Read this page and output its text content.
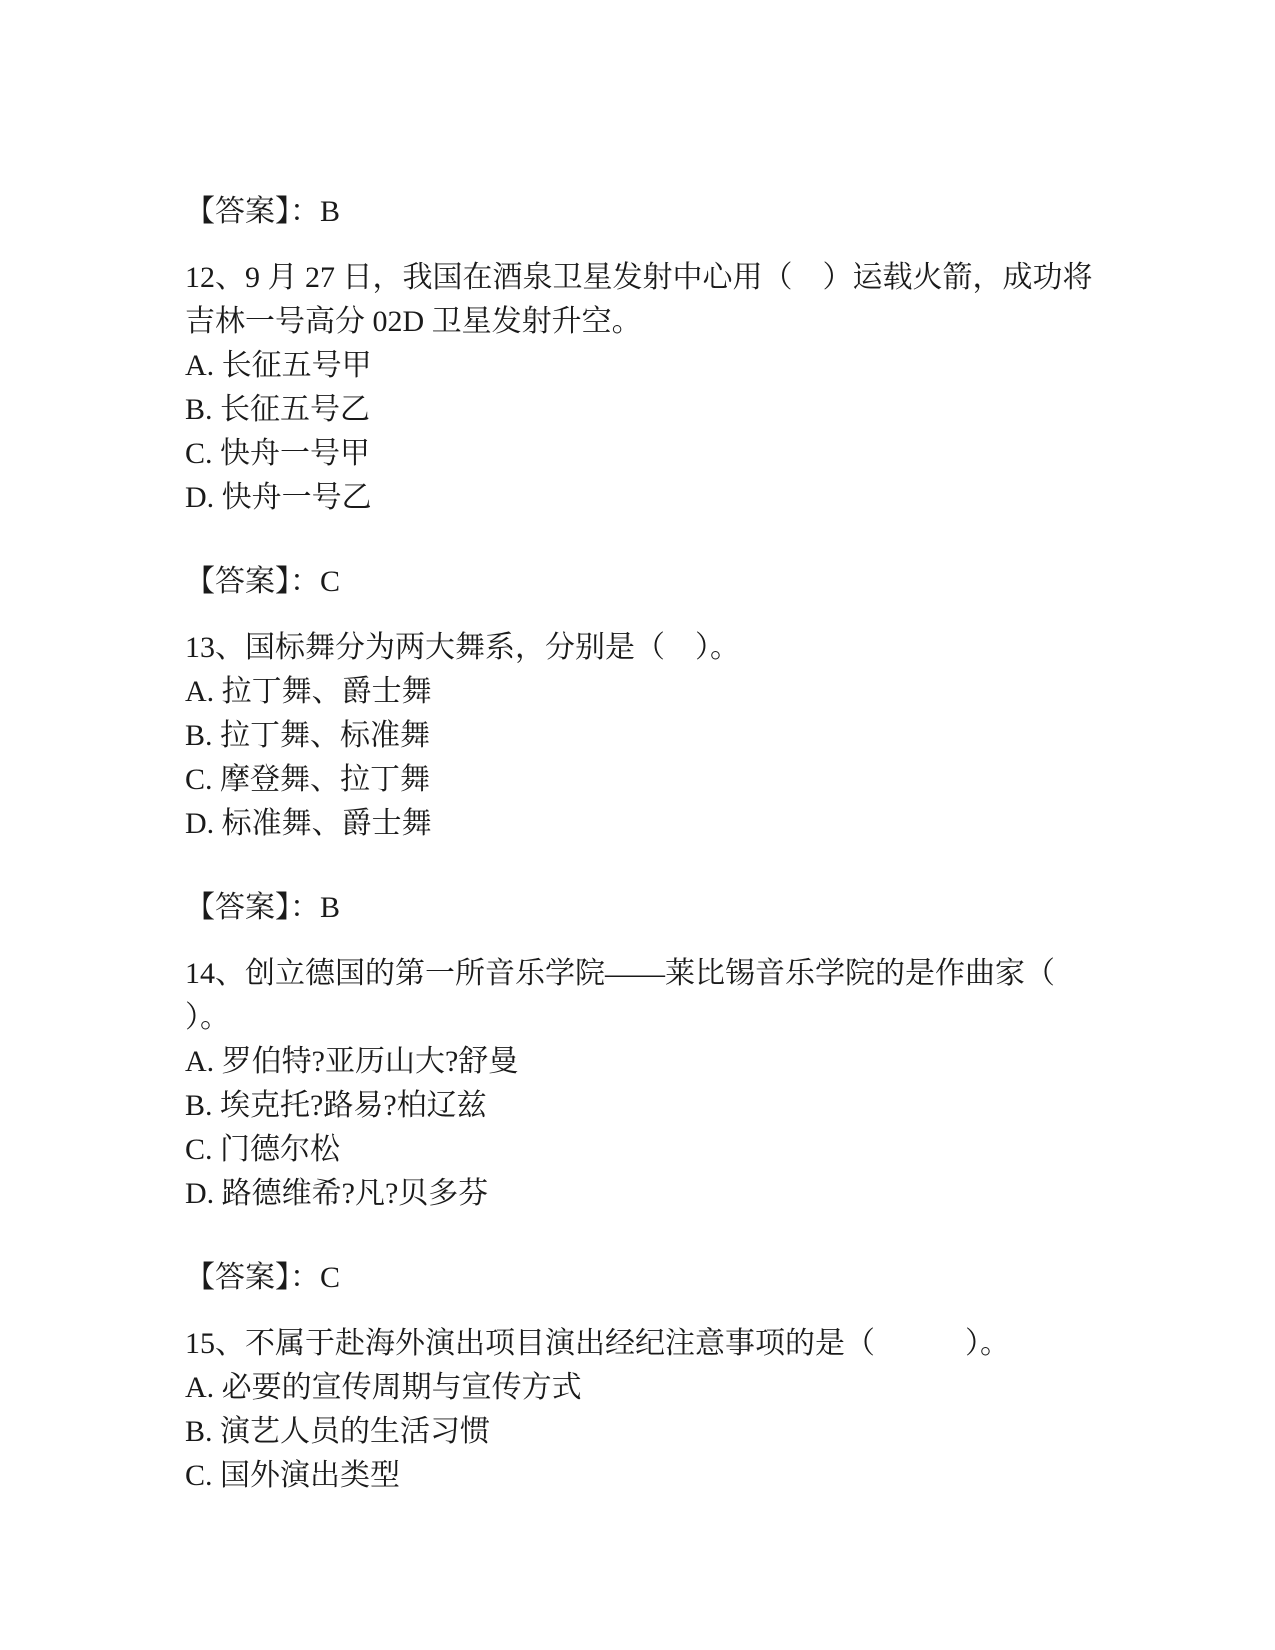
【答案】：B
12、9 月 27 日，我国在酒泉卫星发射中心用（　）运载火箭，成功将
吉林一号高分 02D 卫星发射升空。
A. 长征五号甲
B. 长征五号乙
C. 快舟一号甲
D. 快舟一号乙
【答案】：C
13、国标舞分为两大舞系，分别是（　）。
A. 拉丁舞、爵士舞
B. 拉丁舞、标准舞
C. 摩登舞、拉丁舞
D. 标准舞、爵士舞
【答案】：B
14、创立德国的第一所音乐学院——莱比锡音乐学院的是作曲家（
）。
A. 罗伯特?亚历山大?舒曼
B. 埃克托?路易?柏辽兹
C. 门德尔松
D. 路德维希?凡?贝多芬
【答案】：C
15、不属于赴海外演出项目演出经纪注意事项的是（　　　）。
A. 必要的宣传周期与宣传方式
B. 演艺人员的生活习惯
C. 国外演出类型
